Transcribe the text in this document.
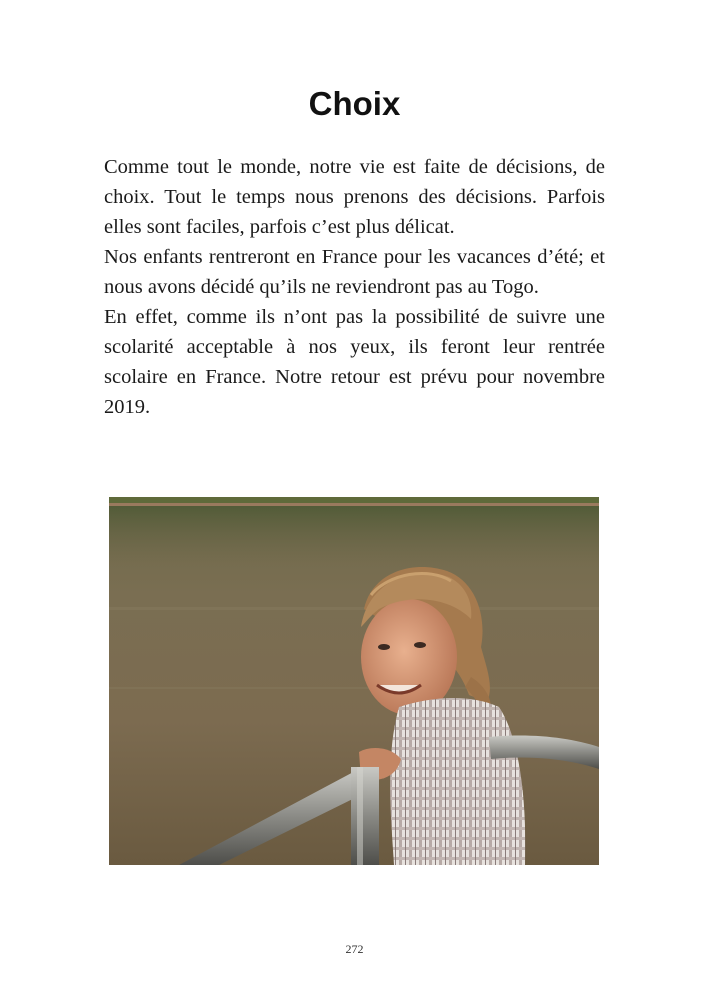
Choix

Comme tout le monde, notre vie est faite de décisions, de choix. Tout le temps nous prenons des décisions. Parfois elles sont faciles, parfois c’est plus délicat.

Nos enfants rentreront en France pour les vacances d’été; et nous avons décidé qu’ils ne reviendront pas au Togo.

En effet, comme ils n’ont pas la possibilité de suivre une scolarité acceptable à nos yeux, ils feront leur rentrée scolaire en France. Notre retour est prévu pour novembre 2019.

272
